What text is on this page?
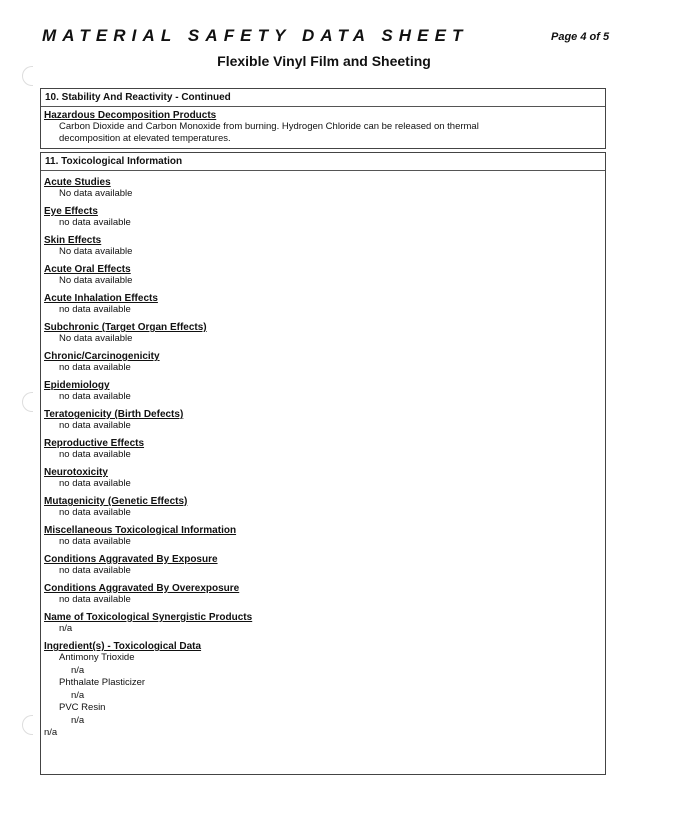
MATERIAL SAFETY DATA SHEET	Page 4 of 5
Flexible Vinyl Film and Sheeting
10. Stability And Reactivity - Continued
Hazardous Decomposition Products
Carbon Dioxide and Carbon Monoxide from burning. Hydrogen Chloride can be released on thermal
decomposition at elevated temperatures.
11. Toxicological Information
Acute Studies
No data available
Eye Effects
no data available
Skin Effects
No data available
Acute Oral Effects
No data available
Acute Inhalation Effects
no data available
Subchronic (Target Organ Effects)
No data available
Chronic/Carcinogenicity
no data available
Epidemiology
no data available
Teratogenicity (Birth Defects)
no data available
Reproductive Effects
no data available
Neurotoxicity
no data available
Mutagenicity (Genetic Effects)
no data available
Miscellaneous Toxicological Information
no data available
Conditions Aggravated By Exposure
no data available
Conditions Aggravated By Overexposure
no data available
Name of Toxicological Synergistic Products
n/a
Ingredient(s) - Toxicological Data
Antimony Trioxide
n/a
Phthalate Plasticizer
n/a
PVC Resin
n/a
n/a
